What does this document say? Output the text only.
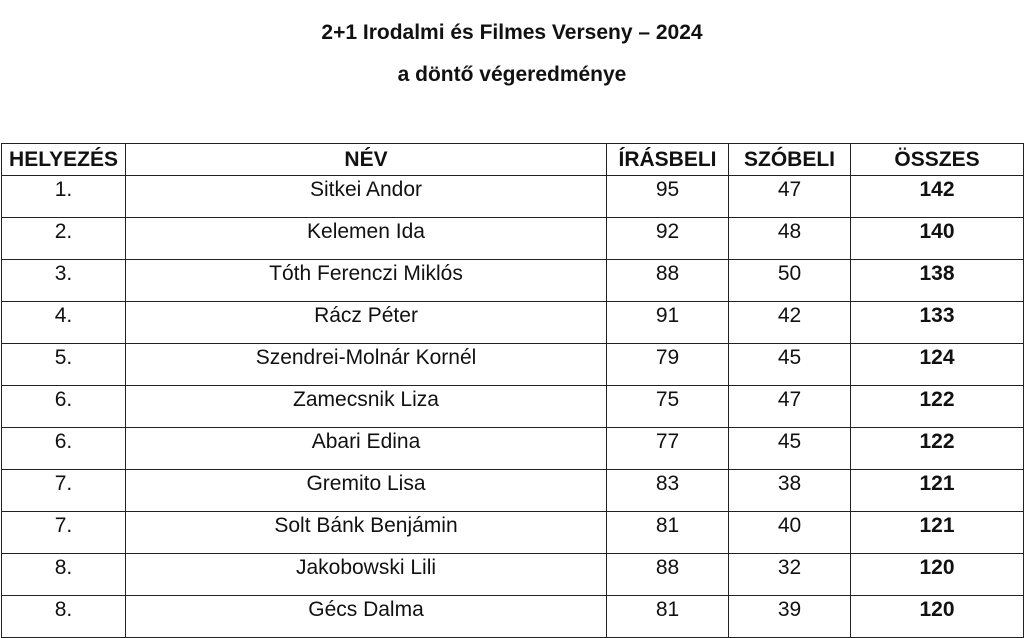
2+1 Irodalmi és Filmes Verseny – 2024
a döntő végeredménye
HELYEZÉS	NÉV	ÍRÁSBELI	SZÓBELI	ÖSSZES
1.	Sitkei Andor	95	47	142
2.	Kelemen Ida	92	48	140
3.	Tóth Ferenczi Miklós	88	50	138
4.	Rácz Péter	91	42	133
5.	Szendrei-Molnár Kornél	79	45	124
6.	Zamecsnik Liza	75	47	122
6.	Abari Edina	77	45	122
7.	Gremito Lisa	83	38	121
7.	Solt Bánk Benjámin	81	40	121
8.	Jakobowski Lili	88	32	120
8.	Gécs Dalma	81	39	120
